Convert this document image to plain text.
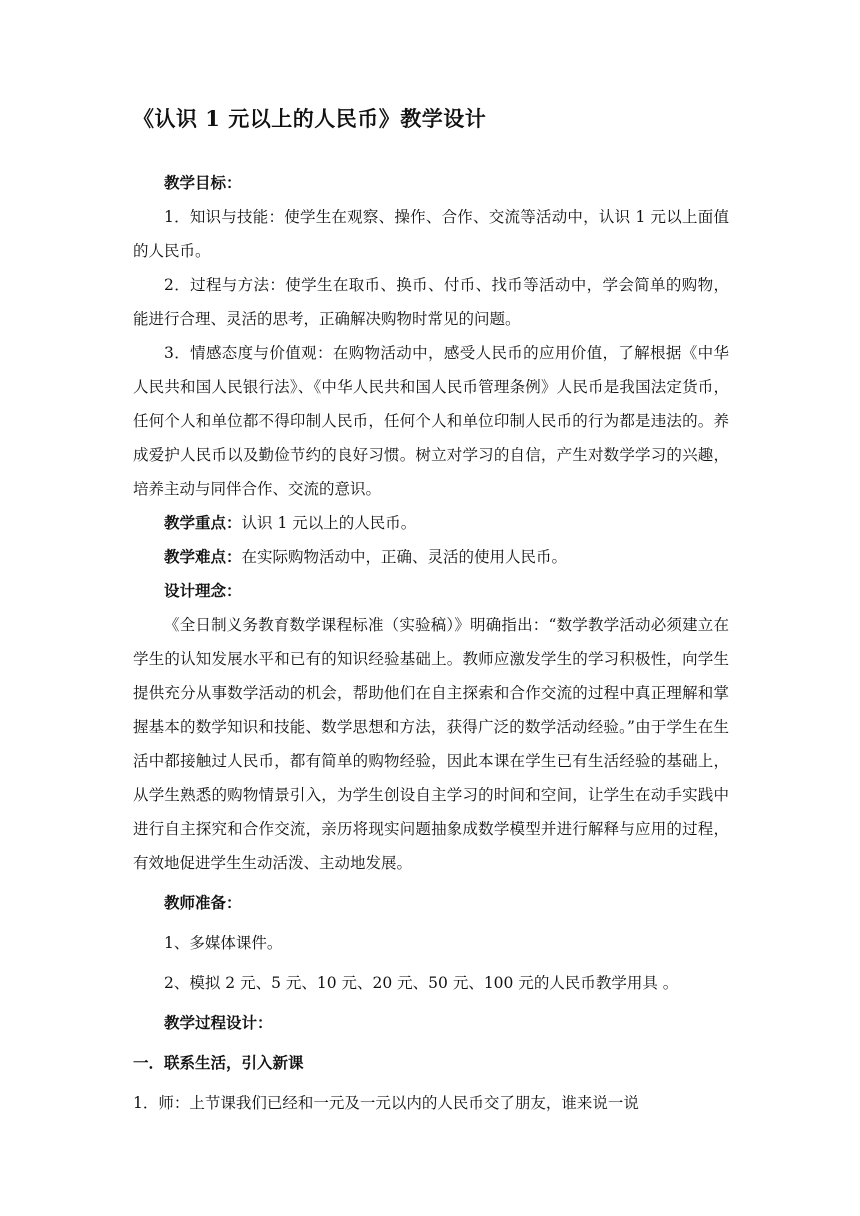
《认识 1 元以上的人民币》教学设计

教学目标：

1．知识与技能：使学生在观察、操作、合作、交流等活动中，认识 1 元以上面值的人民币。

2．过程与方法：使学生在取币、换币、付币、找币等活动中，学会简单的购物，能进行合理、灵活的思考，正确解决购物时常见的问题。

3．情感态度与价值观：在购物活动中，感受人民币的应用价值，了解根据《中华人民共和国人民银行法》、《中华人民共和国人民币管理条例》人民币是我国法定货币，任何个人和单位都不得印制人民币，任何个人和单位印制人民币的行为都是违法的。养成爱护人民币以及勤俭节约的良好习惯。树立对学习的自信，产生对数学学习的兴趣，培养主动与同伴合作、交流的意识。

教学重点：认识 1 元以上的人民币。

教学难点：在实际购物活动中，正确、灵活的使用人民币。

设计理念：

《全日制义务教育数学课程标准（实验稿）》明确指出：“数学教学活动必须建立在学生的认知发展水平和已有的知识经验基础上。教师应激发学生的学习积极性，向学生提供充分从事数学活动的机会，帮助他们在自主探索和合作交流的过程中真正理解和掌握基本的数学知识和技能、数学思想和方法，获得广泛的数学活动经验。”由于学生在生活中都接触过人民币，都有简单的购物经验，因此本课在学生已有生活经验的基础上，从学生熟悉的购物情景引入，为学生创设自主学习的时间和空间，让学生在动手实践中进行自主探究和合作交流，亲历将现实问题抽象成数学模型并进行解释与应用的过程，有效地促进学生生动活泼、主动地发展。

教师准备：

1、多媒体课件。

2、模拟 2 元、5 元、10 元、20 元、50 元、100 元的人民币教学用具 。

教学过程设计：

一．联系生活，引入新课

1．师：上节课我们已经和一元及一元以内的人民币交了朋友，谁来说一说
